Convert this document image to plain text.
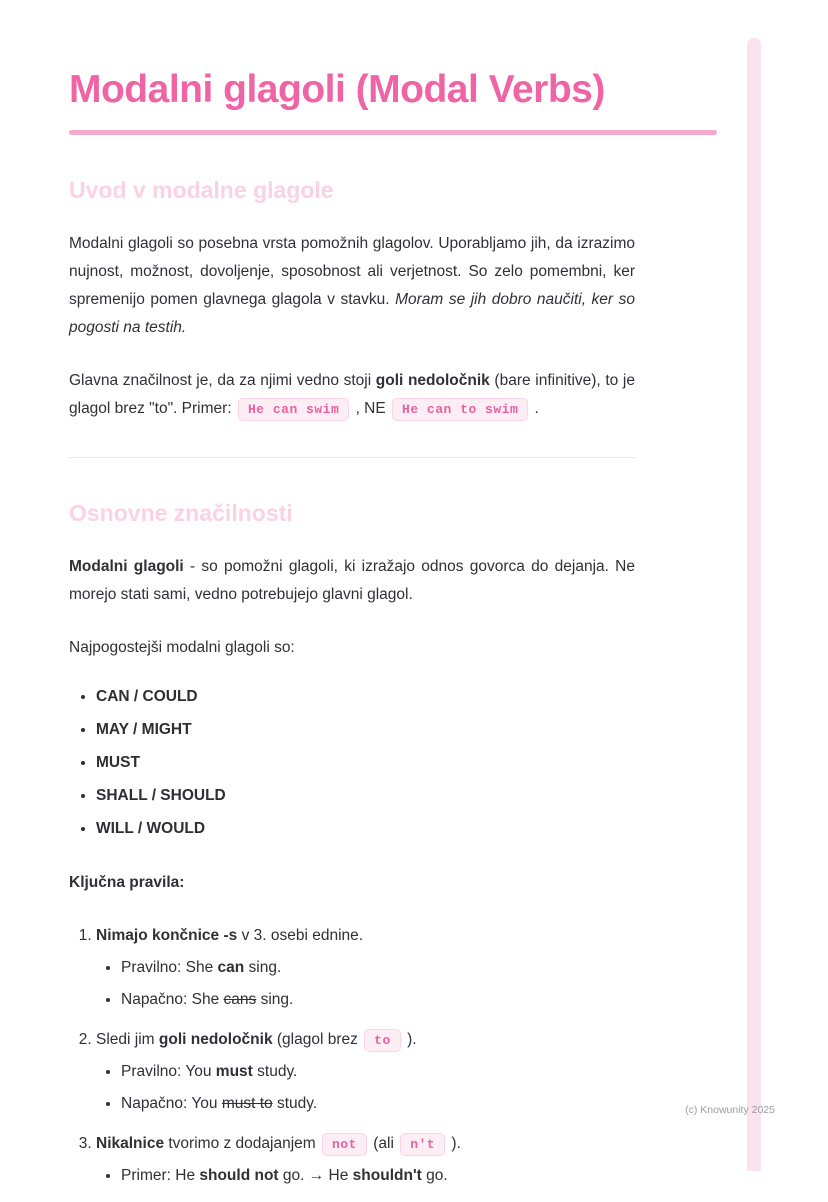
Modalni glagoli (Modal Verbs)
Uvod v modalne glagole

Modalni glagoli so posebna vrsta pomožnih glagolov. Uporabljamo jih, da izrazimo nujnost, možnost, dovoljenje, sposobnost ali verjetnost. So zelo pomembni, ker spremenijo pomen glavnega glagola v stavku. Moram se jih dobro naučiti, ker so pogosti na testih.

Glavna značilnost je, da za njimi vedno stoji goli nedoločnik (bare infinitive), to je glagol brez "to". Primer: He can swim , NE He can to swim .

Osnovne značilnosti

Modalni glagoli - so pomožni glagoli, ki izražajo odnos govorca do dejanja. Ne morejo stati sami, vedno potrebujejo glavni glagol.

Najpogostejši modalni glagoli so:

• CAN / COULD
• MAY / MIGHT
• MUST
• SHALL / SHOULD
• WILL / WOULD

Ključna pravila:

1. Nimajo končnice -s v 3. osebi ednine.
• Pravilno: She can sing.
• Napačno: She cans sing.
2. Sledi jim goli nedoločnik (glagol brez to ).
• Pravilno: You must study.
• Napačno: You must to study.
3. Nikalnice tvorimo z dodajanjem not (ali n't ).
• Primer: He should not go. → He shouldn't go.
(c) Knowunity 2025
